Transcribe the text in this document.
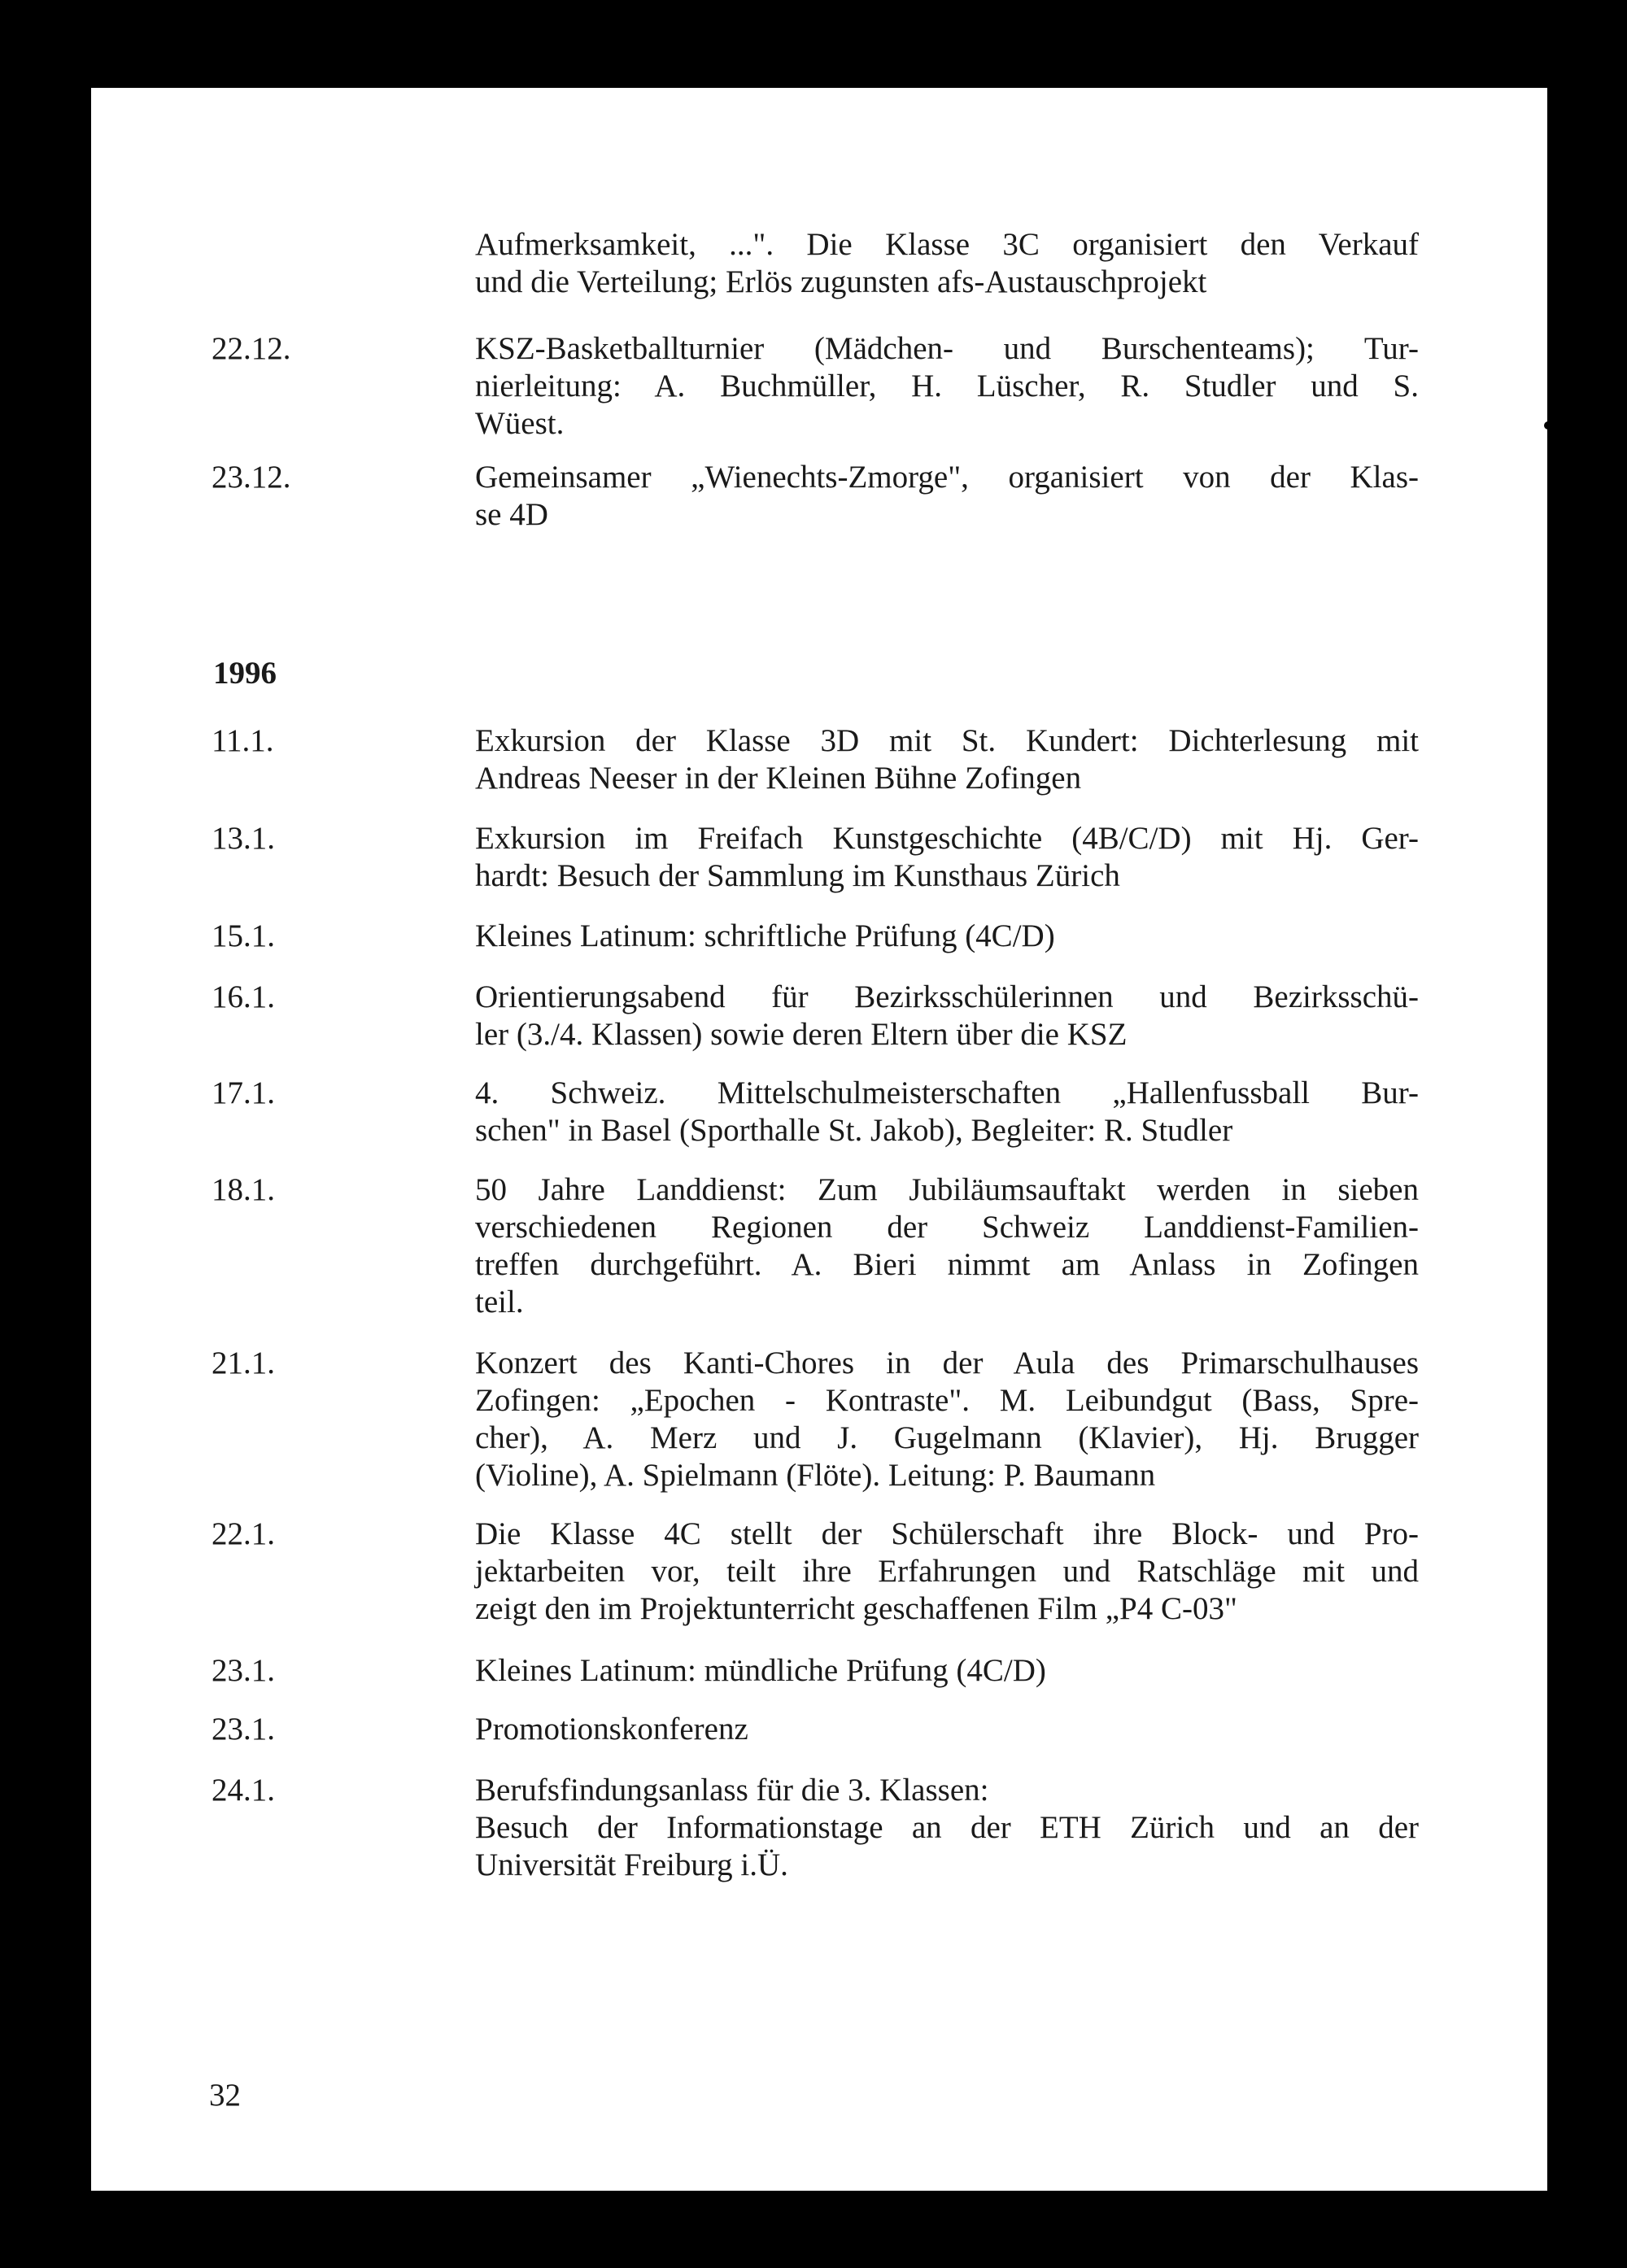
Aufmerksamkeit, ...". Die Klasse 3C organisiert den Verkauf
und die Verteilung; Erlös zugunsten afs-Austauschprojekt
22.12.	KSZ-Basketballturnier (Mädchen- und Burschenteams); Tur-
nierleitung: A. Buchmüller, H. Lüscher, R. Studler und S.
Wüest.
23.12.	Gemeinsamer „Wienechts-Zmorge", organisiert von der Klas-
se 4D
1996
11.1.	Exkursion der Klasse 3D mit St. Kundert: Dichterlesung mit
Andreas Neeser in der Kleinen Bühne Zofingen
13.1.	Exkursion im Freifach Kunstgeschichte (4B/C/D) mit Hj. Ger-
hardt: Besuch der Sammlung im Kunsthaus Zürich
15.1.	Kleines Latinum: schriftliche Prüfung (4C/D)
16.1.	Orientierungsabend für Bezirksschülerinnen und Bezirksschü-
ler (3./4. Klassen) sowie deren Eltern über die KSZ
17.1.	4. Schweiz. Mittelschulmeisterschaften „Hallenfussball Bur-
schen" in Basel (Sporthalle St. Jakob), Begleiter: R. Studler
18.1.	50 Jahre Landdienst: Zum Jubiläumsauftakt werden in sieben
verschiedenen Regionen der Schweiz Landdienst-Familien-
treffen durchgeführt. A. Bieri nimmt am Anlass in Zofingen
teil.
21.1.	Konzert des Kanti-Chores in der Aula des Primarschulhauses
Zofingen: „Epochen - Kontraste". M. Leibundgut (Bass, Spre-
cher), A. Merz und J. Gugelmann (Klavier), Hj. Brugger
(Violine), A. Spielmann (Flöte). Leitung: P. Baumann
22.1.	Die Klasse 4C stellt der Schülerschaft ihre Block- und Pro-
jektarbeiten vor, teilt ihre Erfahrungen und Ratschläge mit und
zeigt den im Projektunterricht geschaffenen Film „P4 C-03"
23.1.	Kleines Latinum: mündliche Prüfung (4C/D)
23.1.	Promotionskonferenz
24.1.	Berufsfindungsanlass für die 3. Klassen:
Besuch der Informationstage an der ETH Zürich und an der
Universität Freiburg i.Ü.
32
